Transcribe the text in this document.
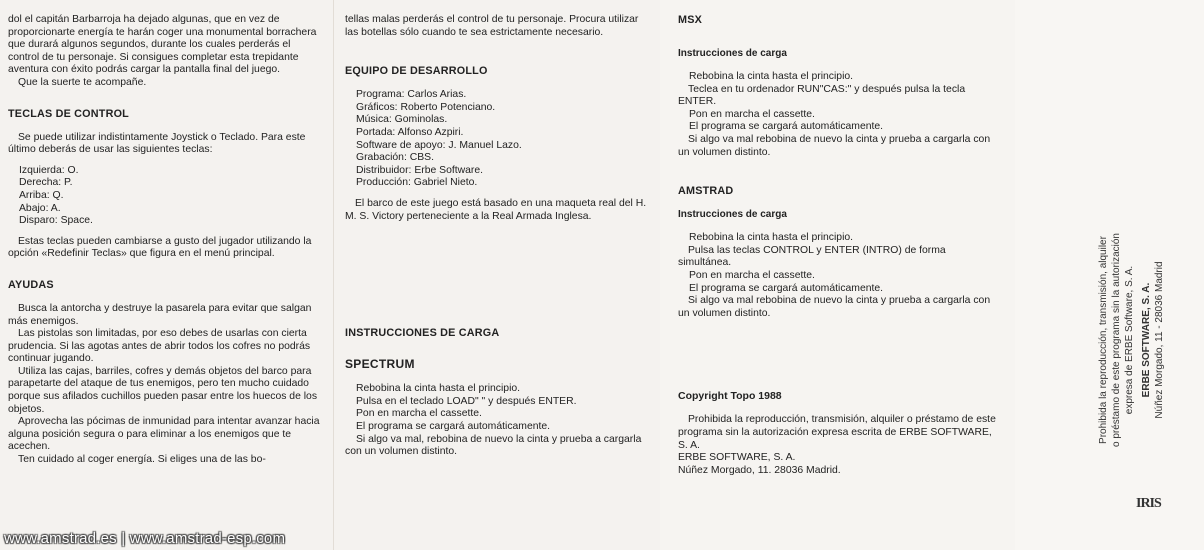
dol el capitán Barbarroja ha dejado algunas, que en vez de proporcionarte energía te harán coger una monumental borrachera que durará algunos segundos, durante los cuales perderás el control de tu personaje. Si consigues completar esta trepidante aventura con éxito podrás cargar la pantalla final del juego.

Que la suerte te acompañe.

TECLAS DE CONTROL

Se puede utilizar indistintamente Joystick o Teclado. Para este último deberás de usar las siguientes teclas:

Izquierda: O.

Derecha: P.

Arriba: Q.

Abajo: A.

Disparo: Space.

Estas teclas pueden cambiarse a gusto del jugador utilizando la opción «Redefinir Teclas» que figura en el menú principal.

AYUDAS

Busca la antorcha y destruye la pasarela para evitar que salgan más enemigos.

Las pistolas son limitadas, por eso debes de usarlas con cierta prudencia. Si las agotas antes de abrir todos los cofres no podrás continuar jugando.

Utiliza las cajas, barriles, cofres y demás objetos del barco para parapetarte del ataque de tus enemigos, pero ten mucho cuidado porque sus afilados cuchillos pueden pasar entre los huecos de los objetos.

Aprovecha las pócimas de inmunidad para intentar avanzar hacia alguna posición segura o para eliminar a los enemigos que te acechen.

Ten cuidado al coger energía. Si eliges una de las bo-

tellas malas perderás el control de tu personaje. Procura utilizar las botellas sólo cuando te sea estrictamente necesario.

EQUIPO DE DESARROLLO

Programa: Carlos Arias.

Gráficos: Roberto Potenciano.

Música: Gominolas.

Portada: Alfonso Azpiri.

Software de apoyo: J. Manuel Lazo.

Grabación: CBS.

Distribuidor: Erbe Software.

Producción: Gabriel Nieto.

El barco de este juego está basado en una maqueta real del H. M. S. Victory perteneciente a la Real Armada Inglesa.

INSTRUCCIONES DE CARGA
SPECTRUM

Rebobina la cinta hasta el principio.

Pulsa en el teclado LOAD" " y después ENTER.

Pon en marcha el cassette.

El programa se cargará automáticamente.

Si algo va mal, rebobina de nuevo la cinta y prueba a cargarla con un volumen distinto.

MSX
Instrucciones de carga

Rebobina la cinta hasta el principio.

Teclea en tu ordenador RUN"CAS:" y después pulsa la tecla ENTER.

Pon en marcha el cassette.

El programa se cargará automáticamente.

Si algo va mal rebobina de nuevo la cinta y prueba a cargarla con un volumen distinto.

AMSTRAD
Instrucciones de carga

Rebobina la cinta hasta el principio.

Pulsa las teclas CONTROL y ENTER (INTRO) de forma simultánea.

Pon en marcha el cassette.

El programa se cargará automáticamente.

Si algo va mal rebobina de nuevo la cinta y prueba a cargarla con un volumen distinto.

Copyright Topo 1988

Prohibida la reproducción, transmisión, alquiler o préstamo de este programa sin la autorización expresa escrita de ERBE SOFTWARE, S. A.

ERBE SOFTWARE, S. A.

Núñez Morgado, 11. 28036 Madrid.

Prohibida la reproducción, transmisión, alquiler o préstamo de este programa sin la autorización expresa de ERBE Software, S. A. ERBE SOFTWARE, S. A. Núñez Morgado, 11 - 28036 Madrid
IRIS
www.amstrad.es | www.amstrad-esp.com
